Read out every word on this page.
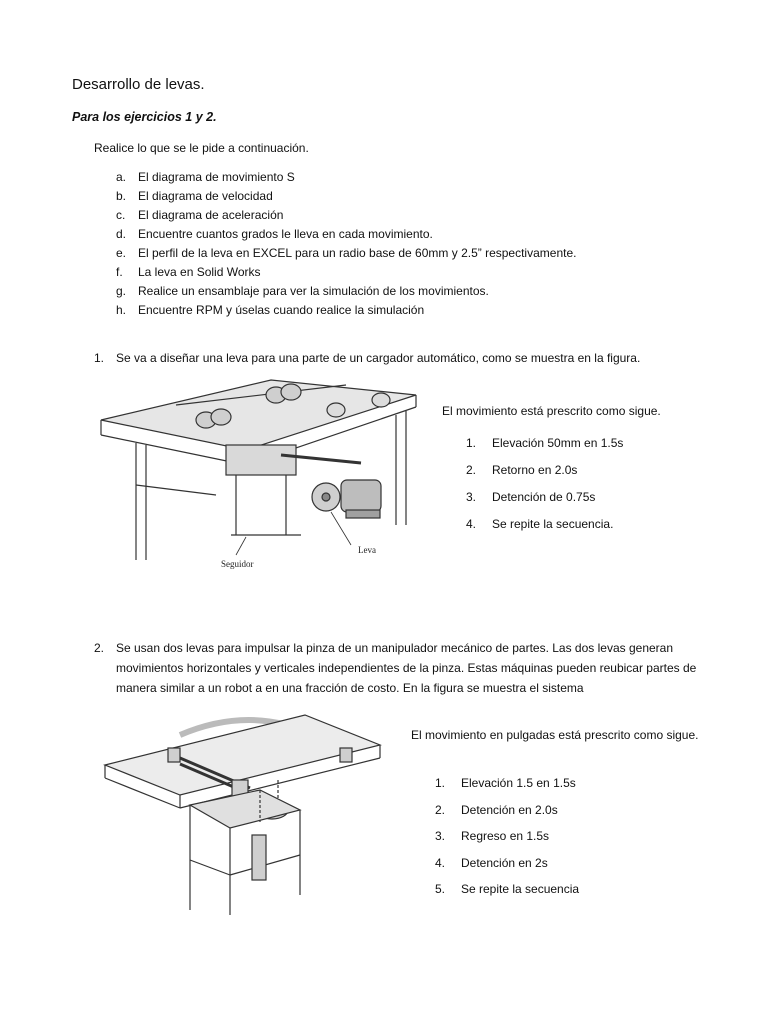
Desarrollo de levas.
Para los ejercicios 1 y 2.
Realice lo que se le pide a continuación.
a. El diagrama de movimiento S
b. El diagrama de velocidad
c.	El diagrama de aceleración
d. Encuentre cuantos grados le lleva en cada movimiento.
e. El perfil de la leva en EXCEL para un radio base de 60mm y 2.5” respectivamente.
f.	La leva en Solid Works
g. Realice un ensamblaje para ver la simulación de los movimientos.
h. Encuentre RPM y úselas cuando realice la simulación
1. Se va a diseñar una leva para una parte de un cargador automático, como se muestra en la figura.
Seguidor
Leva
El movimiento está prescrito como sigue.
1.	Elevación 50mm en 1.5s
2.	Retorno en 2.0s
3.	Detención de 0.75s
4.	Se repite la secuencia.
2. Se usan dos levas para impulsar la pinza de un manipulador mecánico de partes. Las dos levas generan movimientos horizontales y verticales independientes de la pinza. Estas máquinas pueden reubicar partes de manera similar a un robot a en una fracción de costo. En la figura se muestra el sistema
El movimiento en pulgadas está prescrito como sigue.
1.	Elevación 1.5 en 1.5s
2.	Detención en 2.0s
3.	Regreso en 1.5s
4.	Detención en 2s
5.	Se repite la secuencia
